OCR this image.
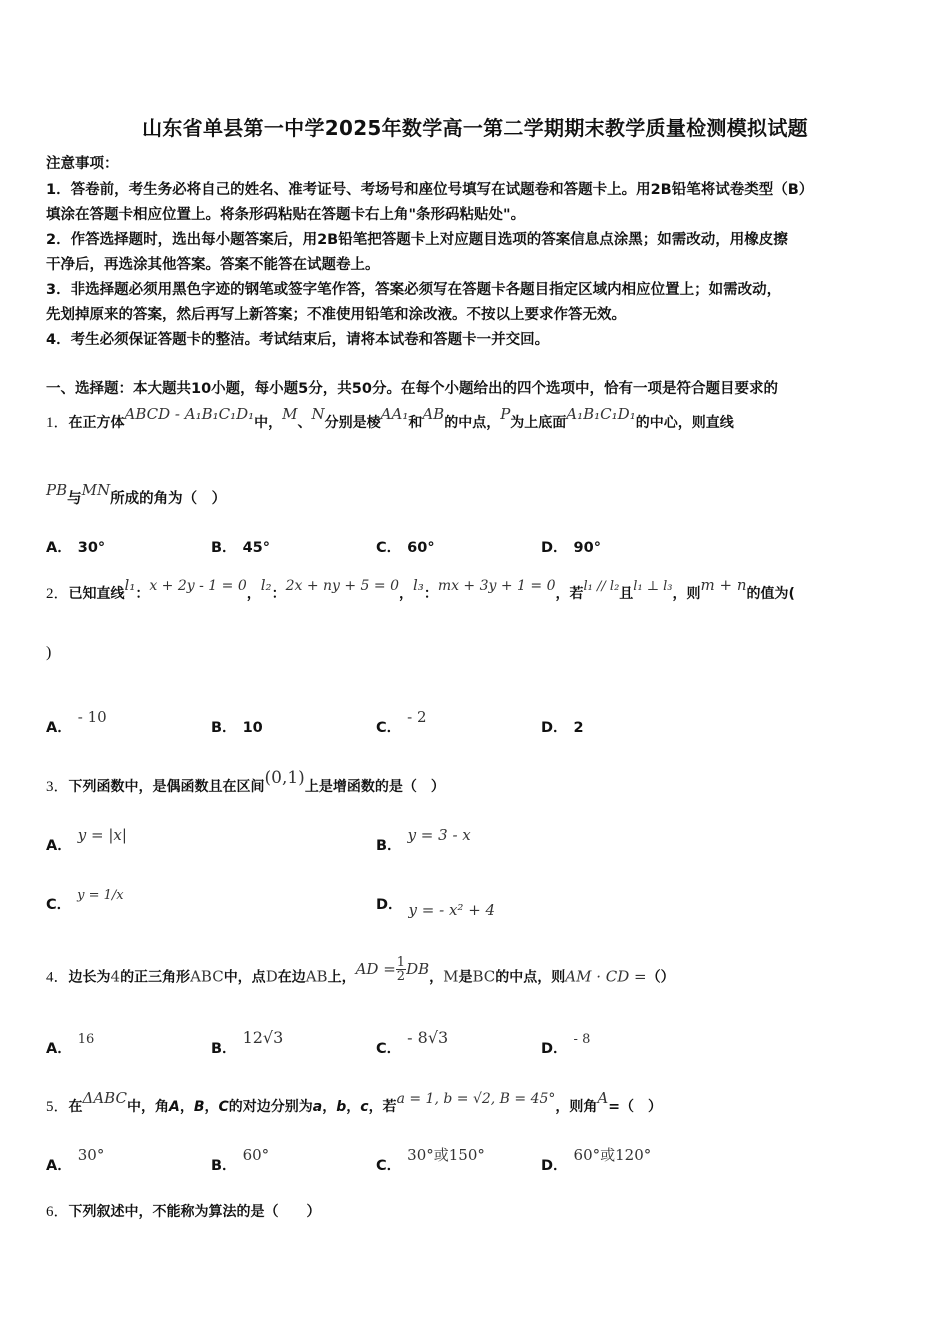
山东省单县第一中学2025年数学高一第二学期期末教学质量检测模拟试题
注意事项：
1．答卷前，考生务必将自己的姓名、准考证号、考场号和座位号填写在试题卷和答题卡上。用2B铅笔将试卷类型（B）
填涂在答题卡相应位置上。将条形码粘贴在答题卡右上角"条形码粘贴处"。
2．作答选择题时，选出每小题答案后，用2B铅笔把答题卡上对应题目选项的答案信息点涂黑；如需改动，用橡皮擦
干净后，再选涂其他答案。答案不能答在试题卷上。
3．非选择题必须用黑色字迹的钢笔或签字笔作答，答案必须写在答题卡各题目指定区域内相应位置上；如需改动，
先划掉原来的答案，然后再写上新答案；不准使用铅笔和涂改液。不按以上要求作答无效。
4．考生必须保证答题卡的整洁。考试结束后，请将本试卷和答题卡一并交回。
一、选择题：本大题共10小题，每小题5分，共50分。在每个小题给出的四个选项中，恰有一项是符合题目要求的
1．在正方体ABCD - A₁B₁C₁D₁中，M、N分别是棱AA₁和AB的中点，P为上底面A₁B₁C₁D₁的中心，则直线
PB与MN所成的角为（　）
A． 30°	B． 45°	C． 60°	D． 90°
2．已知直线l₁：x + 2y - 1 = 0，l₂：2x + ny + 5 = 0，l₃：mx + 3y + 1 = 0，若l₁ // l₂且l₁ ⊥ l₃，则m + n的值为(
)
A．- 10
B． 10	C．- 2
D． 2
3．下列函数中，是偶函数且在区间(0,1)上是增函数的是（　）
A．y = |x|
B．y = 3 - x
C．y = 1/x
D． y = - x² + 4
4．边长为4的正三角形ABC中，点D在边AB上，AD = $\frac{1}{2}$ DB，M是BC的中点，则AM · CD =（）
A．16
B．12√3
C．- 8√3
D．- 8
5．在ΔABC中，角A，B，C的对边分别为a，b，c，若a = 1, b = √2, B = 45°，则角A=（　）
A．30°
B．60°
C．30°或150°
D．60°或120°
6．下列叙述中，不能称为算法的是（　　）
